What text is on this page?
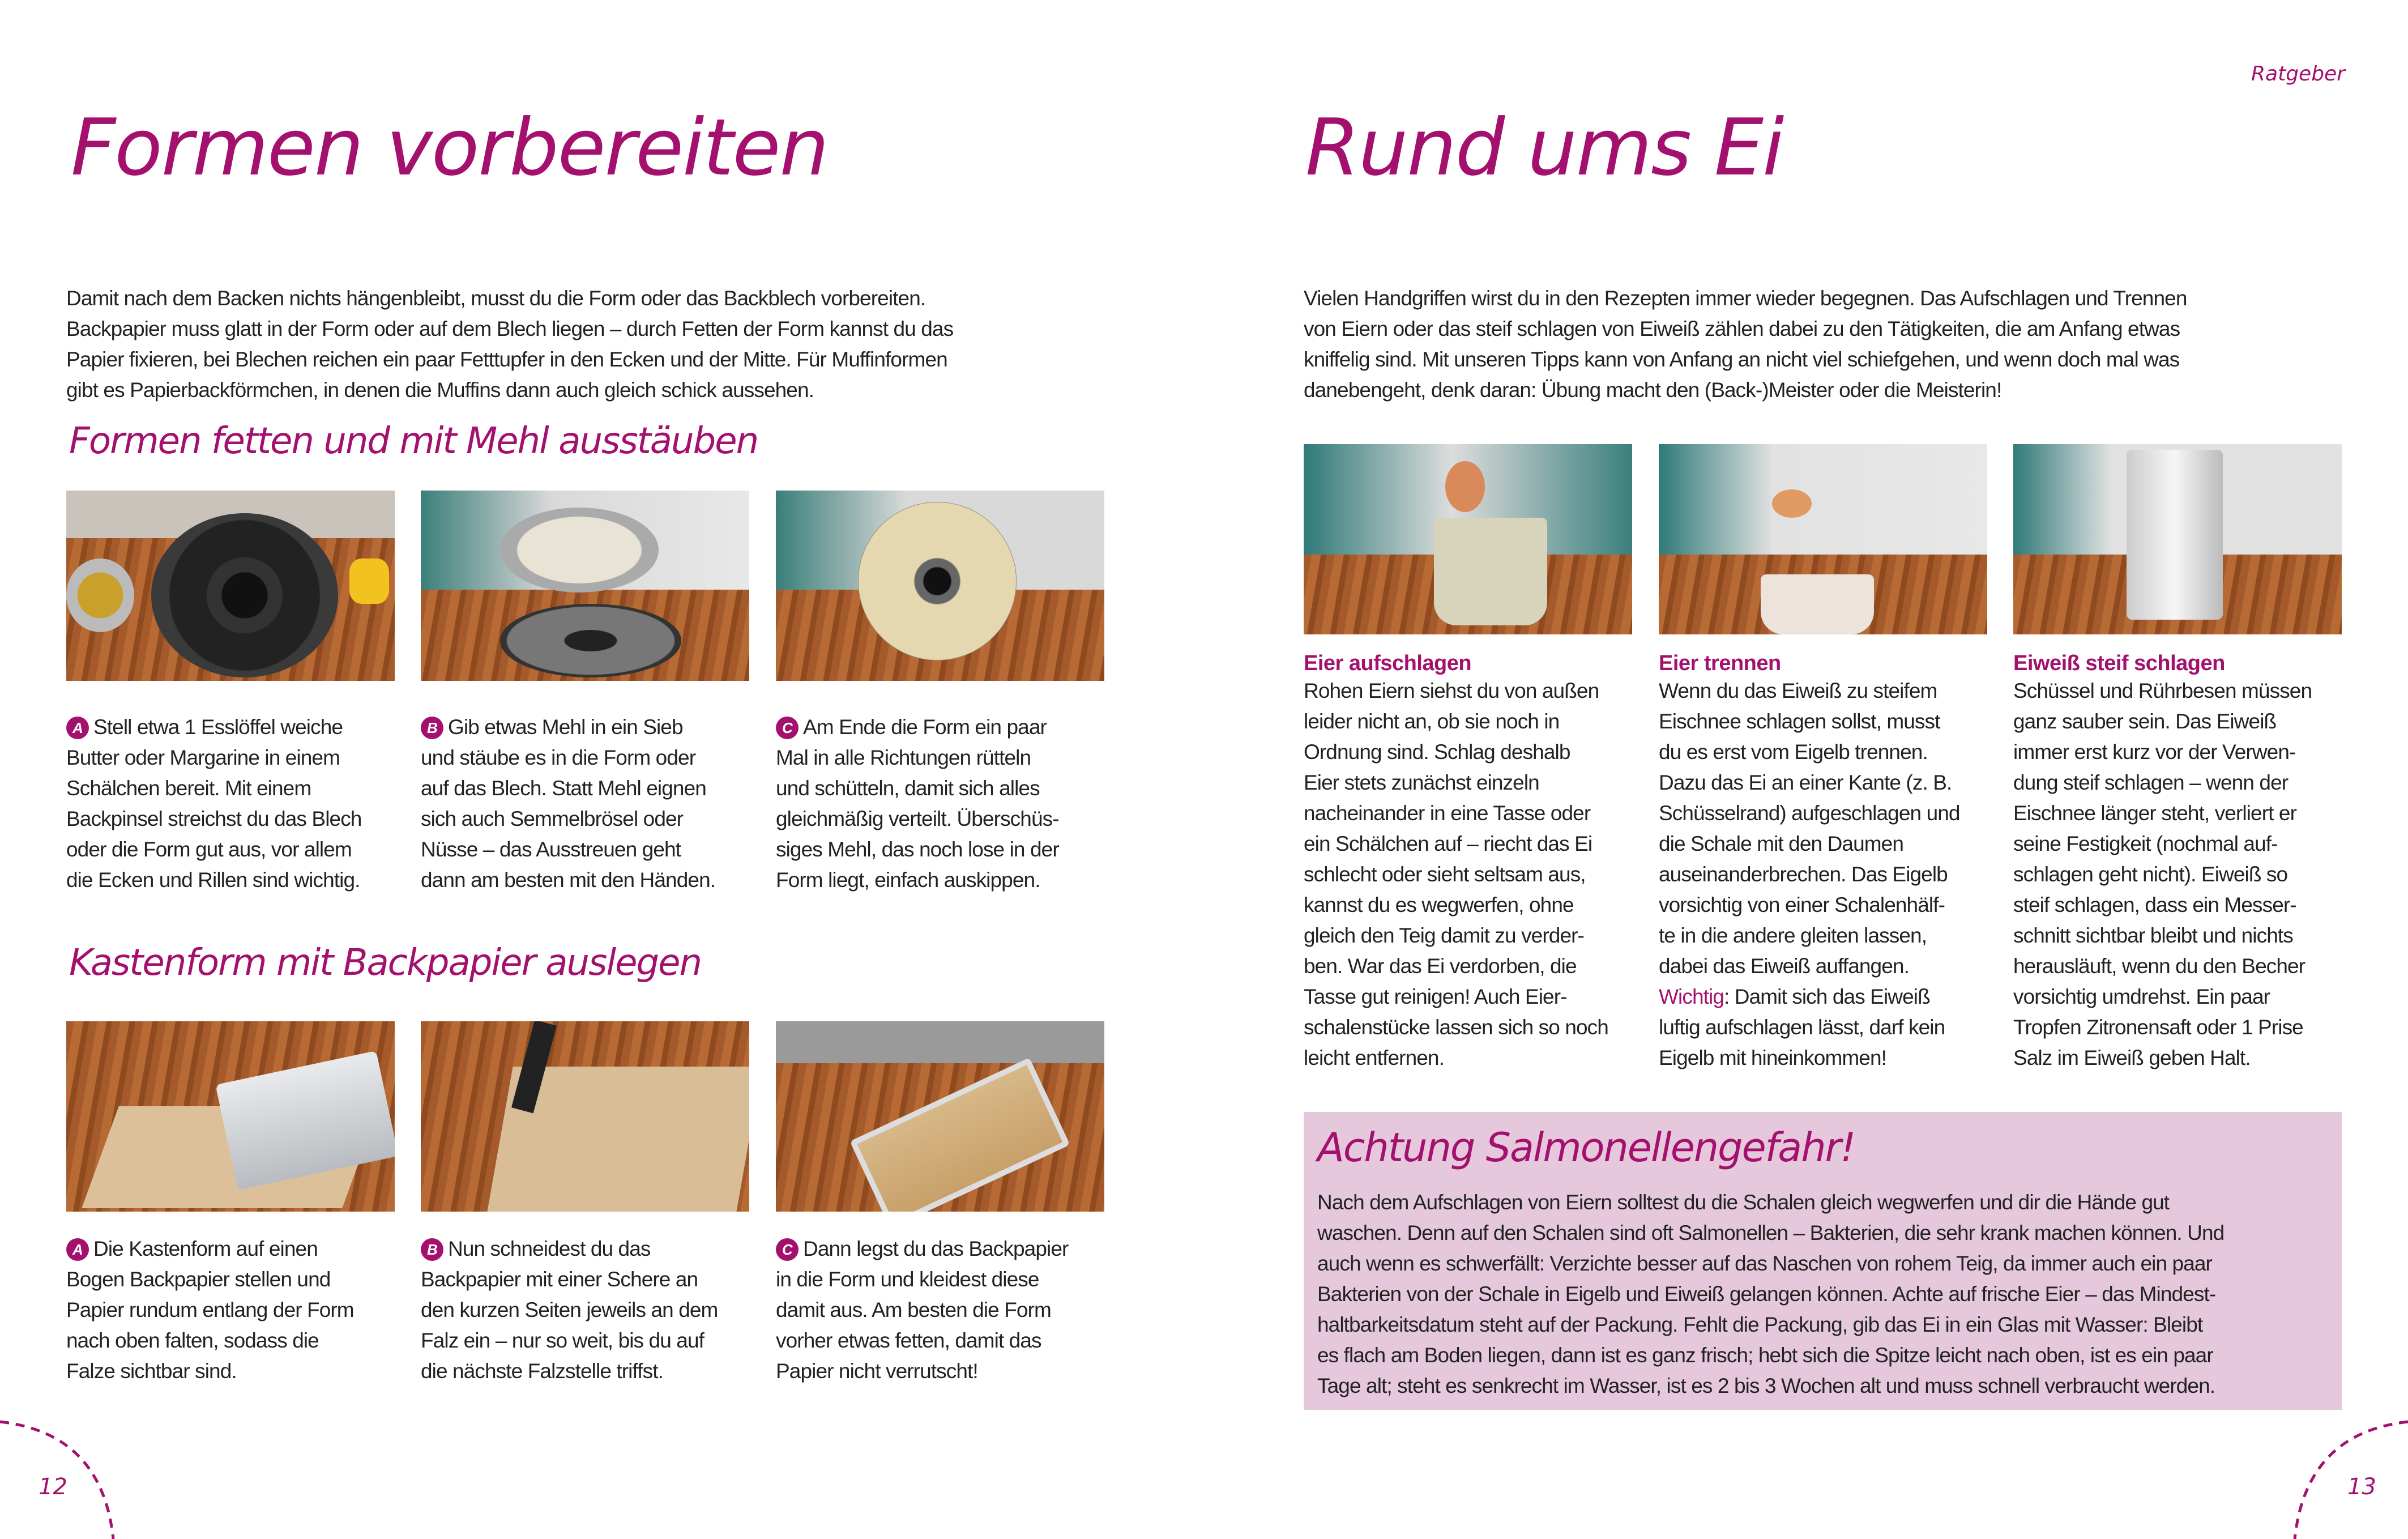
Ratgeber
Formen vorbereiten
Damit nach dem Backen nichts hängenbleibt, musst du die Form oder das Backblech vorbereiten.
Backpapier muss glatt in der Form oder auf dem Blech liegen – durch Fetten der Form kannst du das
Papier fixieren, bei Blechen reichen ein paar Fetttupfer in den Ecken und der Mitte. Für Muffinformen
gibt es Papierbackförmchen, in denen die Muffins dann auch gleich schick aussehen.
Formen fetten und mit Mehl ausstäuben
A Stell etwa 1 Esslöffel weiche
Butter oder Margarine in einem
Schälchen bereit. Mit einem
Backpinsel streichst du das Blech
oder die Form gut aus, vor allem
die Ecken und Rillen sind wichtig.
B Gib etwas Mehl in ein Sieb
und stäube es in die Form oder
auf das Blech. Statt Mehl eignen
sich auch Semmelbrösel oder
Nüsse – das Ausstreuen geht
dann am besten mit den Händen.
C Am Ende die Form ein paar
Mal in alle Richtungen rütteln
und schütteln, damit sich alles
gleichmäßig verteilt. Überschüs-
siges Mehl, das noch lose in der
Form liegt, einfach auskippen.
Kastenform mit Backpapier auslegen
A Die Kastenform auf einen
Bogen Backpapier stellen und
Papier rundum entlang der Form
nach oben falten, sodass die
Falze sichtbar sind.
B Nun schneidest du das
Backpapier mit einer Schere an
den kurzen Seiten jeweils an dem
Falz ein – nur so weit, bis du auf
die nächste Falzstelle triffst.
C Dann legst du das Backpapier
in die Form und kleidest diese
damit aus. Am besten die Form
vorher etwas fetten, damit das
Papier nicht verrutscht!
12
Rund ums Ei
Vielen Handgriffen wirst du in den Rezepten immer wieder begegnen. Das Aufschlagen und Trennen
von Eiern oder das steif schlagen von Eiweiß zählen dabei zu den Tätigkeiten, die am Anfang etwas
kniffelig sind. Mit unseren Tipps kann von Anfang an nicht viel schiefgehen, und wenn doch mal was
danebengeht, denk daran: Übung macht den (Back-)Meister oder die Meisterin!
Eier aufschlagen
Rohen Eiern siehst du von außen
leider nicht an, ob sie noch in
Ordnung sind. Schlag deshalb
Eier stets zunächst einzeln
nacheinander in eine Tasse oder
ein Schälchen auf – riecht das Ei
schlecht oder sieht seltsam aus,
kannst du es wegwerfen, ohne
gleich den Teig damit zu verder-
ben. War das Ei verdorben, die
Tasse gut reinigen! Auch Eier-
schalenstücke lassen sich so noch
leicht entfernen.
Eier trennen
Wenn du das Eiweiß zu steifem
Eischnee schlagen sollst, musst
du es erst vom Eigelb trennen.
Dazu das Ei an einer Kante (z. B.
Schüsselrand) aufgeschlagen und
die Schale mit den Daumen
auseinanderbrechen. Das Eigelb
vorsichtig von einer Schalenhälf-
te in die andere gleiten lassen,
dabei das Eiweiß auffangen.
Wichtig: Damit sich das Eiweiß
luftig aufschlagen lässt, darf kein
Eigelb mit hineinkommen!
Eiweiß steif schlagen
Schüssel und Rührbesen müssen
ganz sauber sein. Das Eiweiß
immer erst kurz vor der Verwen-
dung steif schlagen – wenn der
Eischnee länger steht, verliert er
seine Festigkeit (nochmal auf-
schlagen geht nicht). Eiweiß so
steif schlagen, dass ein Messer-
schnitt sichtbar bleibt und nichts
herausläuft, wenn du den Becher
vorsichtig umdrehst. Ein paar
Tropfen Zitronensaft oder 1 Prise
Salz im Eiweiß geben Halt.
Achtung Salmonellengefahr!
Nach dem Aufschlagen von Eiern solltest du die Schalen gleich wegwerfen und dir die Hände gut
waschen. Denn auf den Schalen sind oft Salmonellen – Bakterien, die sehr krank machen können. Und
auch wenn es schwerfällt: Verzichte besser auf das Naschen von rohem Teig, da immer auch ein paar
Bakterien von der Schale in Eigelb und Eiweiß gelangen können. Achte auf frische Eier – das Mindest-
haltbarkeitsdatum steht auf der Packung. Fehlt die Packung, gib das Ei in ein Glas mit Wasser: Bleibt
es flach am Boden liegen, dann ist es ganz frisch; hebt sich die Spitze leicht nach oben, ist es ein paar
Tage alt; steht es senkrecht im Wasser, ist es 2 bis 3 Wochen alt und muss schnell verbraucht werden.
13
